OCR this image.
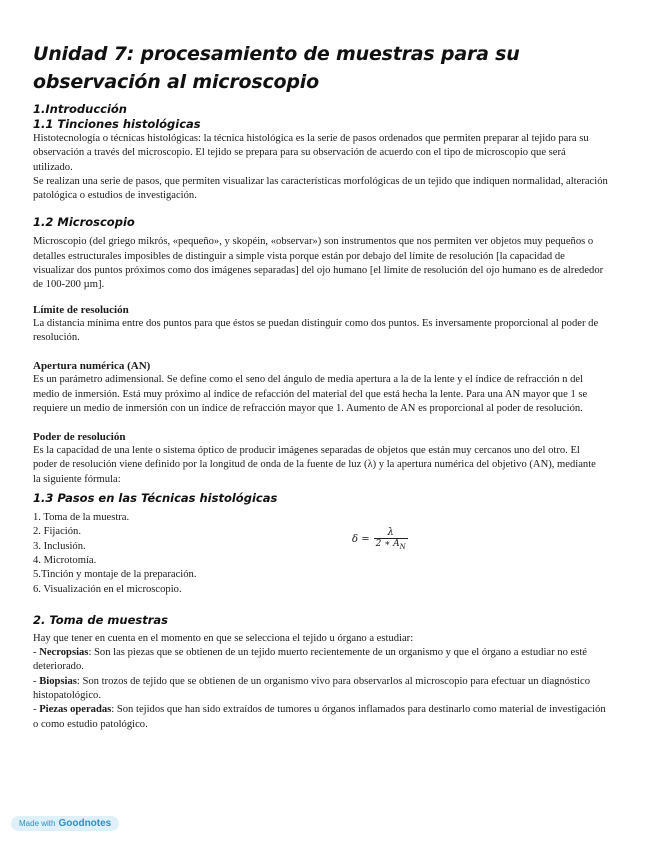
Unidad 7: procesamiento de muestras para su observación al microscopio
1.Introducción
1.1 Tinciones histológicas

Histotecnología o técnicas histológicas: la técnica histológica es la serie de pasos ordenados que permiten preparar al tejido para su observación a través del microscopio. El tejido se prepara para su observación de acuerdo con el tipo de microscopio que será utilizado.

Se realizan una serie de pasos, que permiten visualizar las características morfológicas de un tejido que indiquen normalidad, alteración patológica o estudios de investigación.

1.2 Microscopio

Microscopio (del griego mikrós, «pequeño», y skopéin, «observar») son instrumentos que nos permiten ver objetos muy pequeños o detalles estructurales imposibles de distinguir a simple vista porque están por debajo del límite de resolución [la capacidad de visualizar dos puntos próximos como dos imágenes separadas] del ojo humano [el límite de resolución del ojo humano es de alrededor de 100-200 µm].

Límite de resolución

La distancia mínima entre dos puntos para que éstos se puedan distinguir como dos puntos. Es inversamente proporcional al poder de resolución.

Apertura numérica (AN)

Es un parámetro adimensional. Se define como el seno del ángulo de media apertura a la de la lente y el índice de refracción n del medio de inmersión. Está muy próximo al índice de refacción del material del que está hecha la lente. Para una AN mayor que 1 se requiere un medio de inmersión con un índice de refracción mayor que 1. Aumento de AN es proporcional al poder de resolución.

Poder de resolución

Es la capacidad de una lente o sistema óptico de producir imágenes separadas de objetos que están muy cercanos uno del otro. El poder de resolución viene definido por la longitud de onda de la fuente de luz (λ) y la apertura numérica del objetivo (AN), mediante la siguiente fórmula:

1.3 Pasos en las Técnicas histológicas
1. Toma de la muestra.
2. Fijación.
3. Inclusión.
4. Microtomía.
5.Tinción y montaje de la preparación.
6. Visualización en el microscopio.
2. Toma de muestras

Hay que tener en cuenta en el momento en que se selecciona el tejido u órgano a estudiar:

- Necropsias: Son las piezas que se obtienen de un tejido muerto recientemente de un organismo y que el órgano a estudiar no esté deteriorado.

- Biopsias: Son trozos de tejido que se obtienen de un organismo vivo para observarlos al microscopio para efectuar un diagnóstico histopatológico.

- Piezas operadas: Son tejidos que han sido extraídos de tumores u órganos inflamados para destinarlo como material de investigación o como estudio patológico.

$\delta = \frac{\lambda}{2 ∗ A_N}$
Made with Goodnotes
